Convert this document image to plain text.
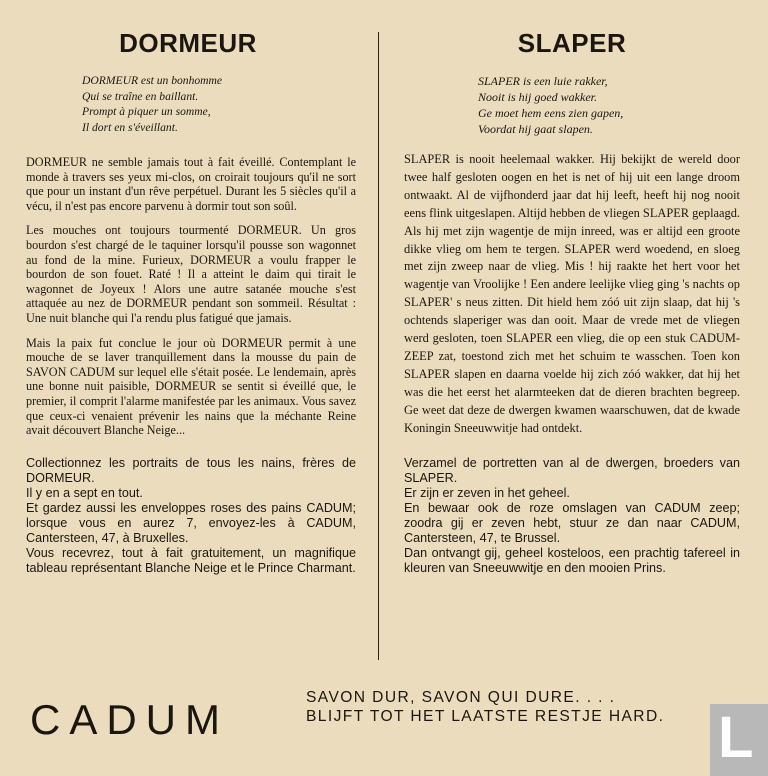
DORMEUR
DORMEUR est un bonhomme
Qui se traîne en baillant.
Prompt à piquer un somme,
Il dort en s'éveillant.

DORMEUR ne semble jamais tout à fait éveillé. Contemplant le monde à travers ses yeux mi-clos, on croirait toujours qu'il ne sort que pour un instant d'un rêve perpétuel. Durant les 5 siècles qu'il a vécu, il n'est pas encore parvenu à dormir tout son soûl.

Les mouches ont toujours tourmenté DORMEUR. Un gros bourdon s'est chargé de le taquiner lorsqu'il pousse son wagonnet au fond de la mine. Furieux, DORMEUR a voulu frapper le bourdon de son fouet. Raté ! Il a atteint le daim qui tirait le wagonnet de Joyeux ! Alors une autre satanée mouche s'est attaquée au nez de DORMEUR pendant son sommeil. Résultat : Une nuit blanche qui l'a rendu plus fatigué que jamais.

Mais la paix fut conclue le jour où DORMEUR permit à une mouche de se laver tranquillement dans la mousse du pain de SAVON CADUM sur lequel elle s'était posée. Le lendemain, après une bonne nuit paisible, DORMEUR se sentit si éveillé que, le premier, il comprit l'alarme manifestée par les animaux. Vous savez que ceux-ci venaient prévenir les nains que la méchante Reine avait découvert Blanche Neige...

Collectionnez les portraits de tous les nains, frères de DORMEUR.

Il y en a sept en tout.

Et gardez aussi les enveloppes roses des pains CADUM; lorsque vous en aurez 7, envoyez-les à CADUM, Cantersteen, 47, à Bruxelles.

Vous recevrez, tout à fait gratuitement, un magnifique tableau représentant Blanche Neige et le Prince Charmant.

SLAPER
SLAPER is een luie rakker,
Nooit is hij goed wakker.
Ge moet hem eens zien gapen,
Voordat hij gaat slapen.

SLAPER is nooit heelemaal wakker. Hij bekijkt de wereld door twee half gesloten oogen en het is net of hij uit een lange droom ontwaakt. Al de vijfhonderd jaar dat hij leeft, heeft hij nog nooit eens flink uitgeslapen. Altijd hebben de vliegen SLAPER geplaagd. Als hij met zijn wagentje de mijn inreed, was er altijd een groote dikke vlieg om hem te tergen. SLAPER werd woedend, en sloeg met zijn zweep naar de vlieg. Mis ! hij raakte het hert voor het wagentje van Vroolijke ! Een andere leelijke vlieg ging 's nachts op SLAPER' s neus zitten. Dit hield hem zóó uit zijn slaap, dat hij 's ochtends slaperiger was dan ooit. Maar de vrede met de vliegen werd gesloten, toen SLAPER een vlieg, die op een stuk CADUM-ZEEP zat, toestond zich met het schuim te wasschen. Toen kon SLAPER slapen en daarna voelde hij zich zóó wakker, dat hij het was die het eerst het alarmteeken dat de dieren brachten begreep. Ge weet dat deze de dwergen kwamen waarschuwen, dat de kwade Koningin Sneeuwwitje had ontdekt.

Verzamel de portretten van al de dwergen, broeders van SLAPER.

Er zijn er zeven in het geheel.

En bewaar ook de roze omslagen van CADUM zeep; zoodra gij er zeven hebt, stuur ze dan naar CADUM, Cantersteen, 47, te Brussel.

Dan ontvangt gij, geheel kosteloos, een prachtig tafereel in kleuren van Sneeuwwitje en den mooien Prins.

CADUM	SAVON DUR, SAVON QUI DURE. . . .
BLIJFT TOT HET LAATSTE RESTJE HARD. L
